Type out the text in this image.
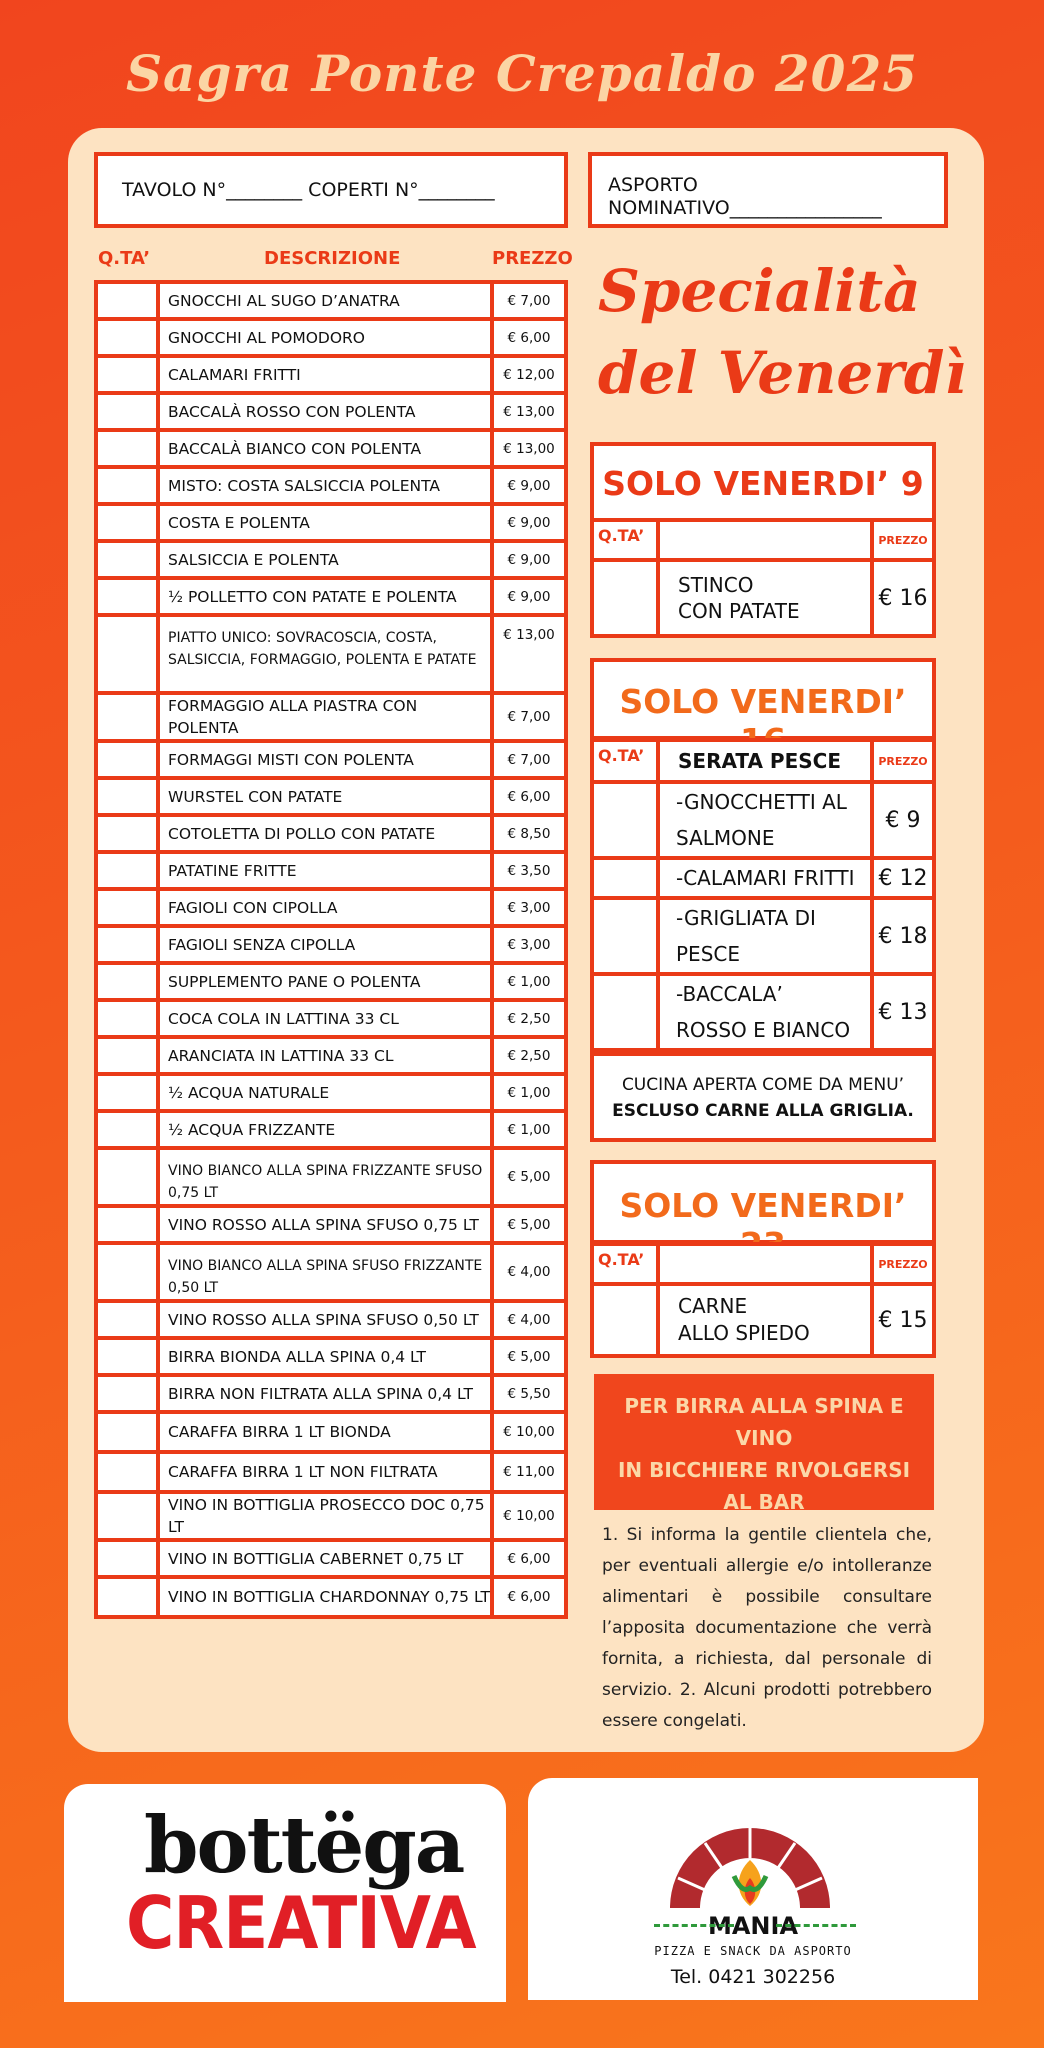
Sagra Ponte Crepaldo 2025
TAVOLO N°________ COPERTI N°________	ASPORTO
NOMINATIVO________________
Q.TA’	DESCRIZIONE	PREZZO
	GNOCCHI AL SUGO D’ANATRA	€ 7,00
	GNOCCHI AL POMODORO	€ 6,00
	CALAMARI FRITTI	€ 12,00
	BACCALÀ ROSSO CON POLENTA	€ 13,00
	BACCALÀ BIANCO CON POLENTA	€ 13,00
	MISTO: COSTA SALSICCIA POLENTA	€ 9,00
	COSTA E POLENTA	€ 9,00
	SALSICCIA E POLENTA	€ 9,00
	½ POLLETTO CON PATATE E POLENTA	€ 9,00
	PIATTO UNICO: SOVRACOSCIA, COSTA, SALSICCIA, FORMAGGIO, POLENTA E PATATE	€ 13,00
	FORMAGGIO ALLA PIASTRA CON POLENTA	€ 7,00
	FORMAGGI MISTI CON POLENTA	€ 7,00
	WURSTEL CON PATATE	€ 6,00
	COTOLETTA DI POLLO CON PATATE	€ 8,50
	PATATINE FRITTE	€ 3,50
	FAGIOLI CON CIPOLLA	€ 3,00
	FAGIOLI SENZA CIPOLLA	€ 3,00
	SUPPLEMENTO PANE O POLENTA	€ 1,00
	COCA COLA IN LATTINA 33 CL	€ 2,50
	ARANCIATA IN LATTINA 33 CL	€ 2,50
	½ ACQUA NATURALE	€ 1,00
	½ ACQUA FRIZZANTE	€ 1,00
	VINO BIANCO ALLA SPINA FRIZZANTE SFUSO 0,75 LT	€ 5,00
	VINO ROSSO ALLA SPINA SFUSO 0,75 LT	€ 5,00
	VINO BIANCO ALLA SPINA SFUSO FRIZZANTE 0,50 LT	€ 4,00
	VINO ROSSO ALLA SPINA SFUSO 0,50 LT	€ 4,00
	BIRRA BIONDA ALLA SPINA 0,4 LT	€ 5,00
	BIRRA NON FILTRATA ALLA SPINA 0,4 LT	€ 5,50
	CARAFFA BIRRA 1 LT BIONDA	€ 10,00
	CARAFFA BIRRA 1 LT NON FILTRATA	€ 11,00
	VINO IN BOTTIGLIA PROSECCO DOC 0,75 LT	€ 10,00
	VINO IN BOTTIGLIA CABERNET 0,75 LT	€ 6,00
	VINO IN BOTTIGLIA CHARDONNAY 0,75 LT	€ 6,00
Specialità
del Venerdì
SOLO VENERDI’ 9
Q.TA’		PREZZO

	STINCO
CON PATATE	€ 16
SOLO VENERDI’
Q.TA’	SERATA PESCE	PREZZO

	-GNOCCHETTI AL
SALMONE	€ 9

	-CALAMARI FRITTI	€ 12

	-GRIGLIATA DI
PESCE	€ 18

	-BACCALA’
ROSSO E BIANCO	€ 13
CUCINA APERTA COME DA MENU’
ESCLUSO CARNE ALLA GRIGLIA.
SOLO VENERDI’
Q.TA’		PREZZO

	CARNE
ALLO SPIEDO	€ 15
PER BIRRA ALLA SPINA E VINO
IN BICCHIERE RIVOLGERSI
AL BAR
1. Si informa la gentile clientela che, per eventuali allergie e/o intolleranze alimentari è possibile consultare l’apposita documentazione che verrà fornita, a richiesta, dal personale di servizio. 2. Alcuni prodotti potrebbero essere congelati.
bottëga
CREATIVA	MANIA
PIZZA E SNACK DA ASPORTO
Tel. 0421 302256
